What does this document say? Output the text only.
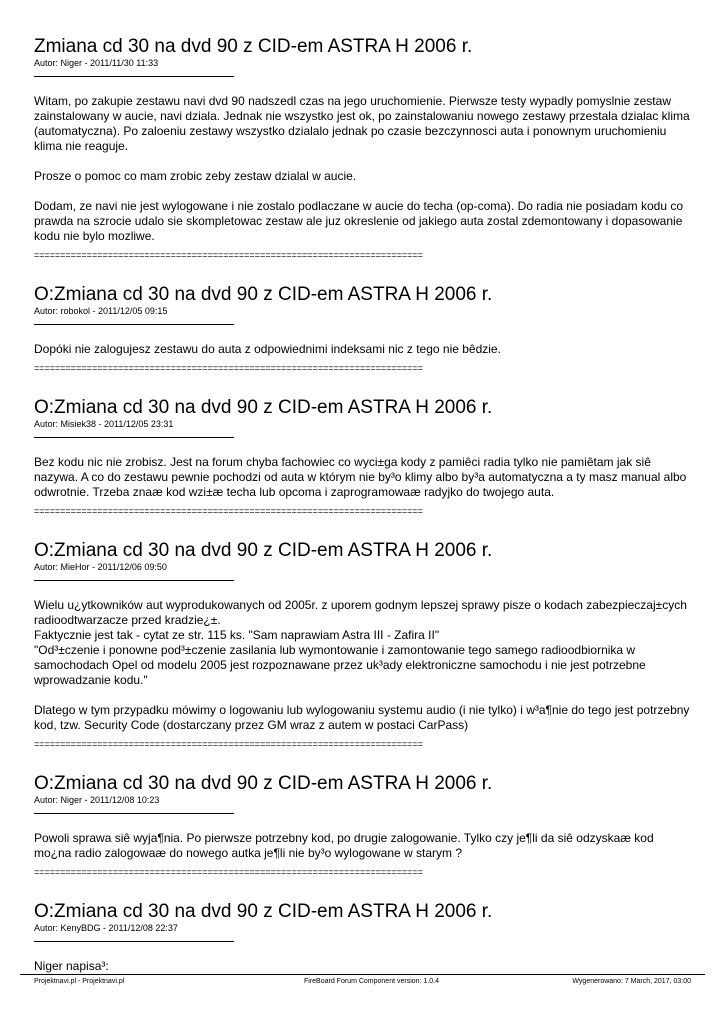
Zmiana cd 30 na dvd 90 z CID-em ASTRA H 2006 r.
Autor: Niger - 2011/11/30 11:33

Witam, po zakupie zestawu navi dvd 90 nadszedl czas na jego uruchomienie. Pierwsze testy wypadly pomyslnie zestaw zainstalowany w aucie, navi dziala. Jednak nie wszystko jest ok, po zainstalowaniu nowego zestawy przestala dzialac klima (automatyczna). Po zaloeniu zestawy wszystko dzialalo jednak po czasie bezczynnosci auta i ponownym uruchomieniu klima nie reaguje.

Prosze o pomoc co mam zrobic zeby zestaw dzialal w aucie.

Dodam, ze navi nie jest wylogowane i nie zostalo podlaczane w aucie do techa (op-coma). Do radia nie posiadam kodu co prawda na szrocie udalo sie skompletowac zestaw ale juz okreslenie od jakiego auta zostal zdemontowany i dopasowanie kodu nie bylo mozliwe.

==========================================================================
O:Zmiana cd 30 na dvd 90 z CID-em ASTRA H 2006 r.
Autor: robokol - 2011/12/05 09:15

Dopóki nie zalogujesz zestawu do auta z odpowiednimi indeksami nic z tego nie bêdzie.

==========================================================================
O:Zmiana cd 30 na dvd 90 z CID-em ASTRA H 2006 r.
Autor: Misiek38 - 2011/12/05 23:31

Bez kodu nic nie zrobisz. Jest na forum chyba fachowiec co wyci±ga kody z pamiêci radia tylko nie pamiêtam jak siê nazywa. A co do zestawu pewnie pochodzi od auta w którym nie by³o klimy albo by³a automatyczna a ty masz manual albo odwrotnie. Trzeba znaæ kod wzi±æ techa lub opcoma i zaprogramowaæ radyjko do twojego auta.

==========================================================================
O:Zmiana cd 30 na dvd 90 z CID-em ASTRA H 2006 r.
Autor: MieHor - 2011/12/06 09:50

Wielu u¿ytkowników aut wyprodukowanych od 2005r. z uporem godnym lepszej sprawy pisze o kodach zabezpieczaj±cych radioodtwarzacze przed kradzie¿±.
Faktycznie jest tak - cytat ze str. 115 ks. "Sam naprawiam Astra III - Zafira II"
"Od³±czenie i ponowne pod³±czenie zasilania lub wymontowanie i zamontowanie tego samego radioodbiornika w samochodach Opel od modelu 2005 jest rozpoznawane przez uk³ady elektroniczne samochodu i nie jest potrzebne wprowadzanie kodu."

Dlatego w tym przypadku mówimy o logowaniu lub wylogowaniu systemu audio (i nie tylko) i w³a¶nie do tego jest potrzebny kod, tzw. Security Code (dostarczany przez GM wraz z autem w postaci CarPass)

==========================================================================
O:Zmiana cd 30 na dvd 90 z CID-em ASTRA H 2006 r.
Autor: Niger - 2011/12/08 10:23

Powoli sprawa siê wyja¶nia. Po pierwsze potrzebny kod, po drugie zalogowanie. Tylko czy je¶li da siê odzyskaæ kod mo¿na radio zalogowaæ do nowego autka je¶li nie by³o wylogowane w starym ?

==========================================================================
O:Zmiana cd 30 na dvd 90 z CID-em ASTRA H 2006 r.
Autor: KenyBDG - 2011/12/08 22:37

Niger napisa³:

Projektnavi.pl - Projektnavi.pl	FireBoard Forum Component version: 1.0.4	Wygenerowano: 7 March, 2017, 03:00
